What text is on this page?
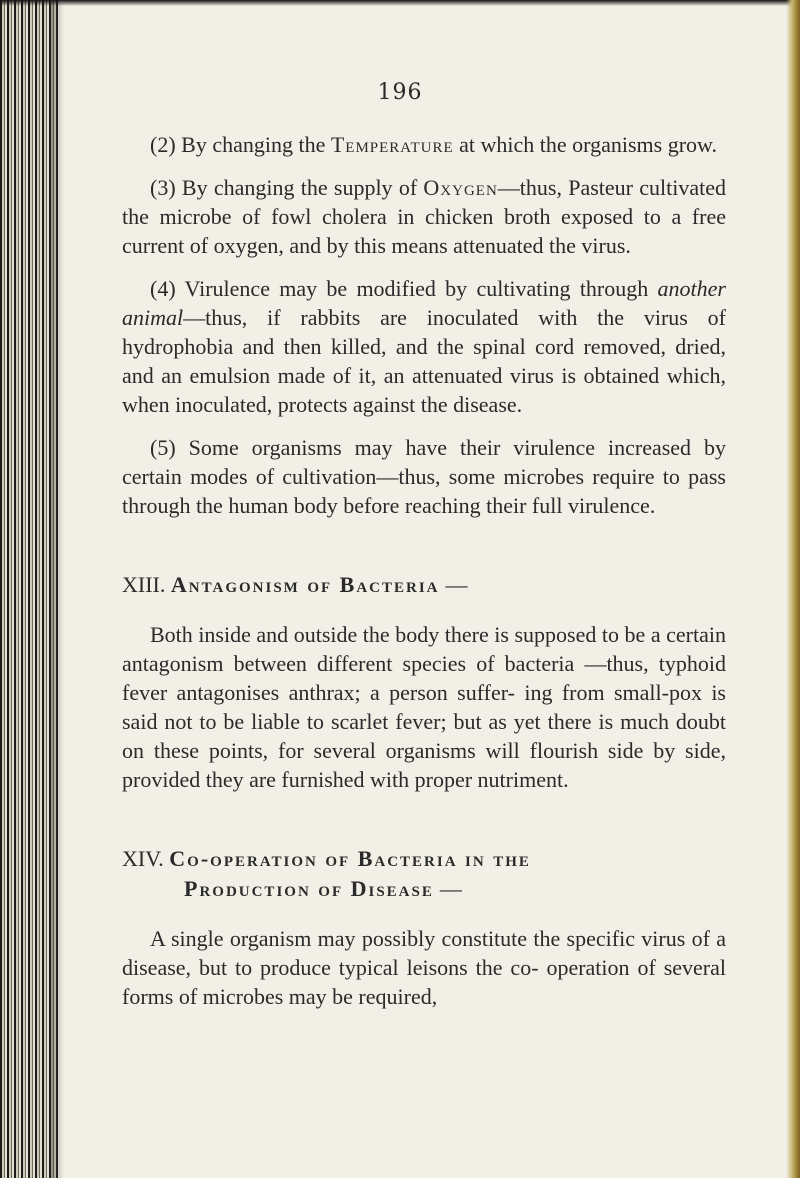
196

(2) By changing the Temperature at which the organisms grow.

(3) By changing the supply of Oxygen—thus, Pasteur cultivated the microbe of fowl cholera in chicken broth exposed to a free current of oxygen, and by this means attenuated the virus.

(4) Virulence may be modified by cultivating through another animal—thus, if rabbits are inoculated with the virus of hydrophobia and then killed, and the spinal cord removed, dried, and an emulsion made of it, an attenuated virus is obtained which, when inoculated, protects against the disease.

(5) Some organisms may have their virulence increased by certain modes of cultivation—thus, some microbes require to pass through the human body before reaching their full virulence.

XIII. Antagonism of Bacteria —

Both inside and outside the body there is supposed to be a certain antagonism between different species of bacteria —thus, typhoid fever antagonises anthrax; a person suffer- ing from small-pox is said not to be liable to scarlet fever; but as yet there is much doubt on these points, for several organisms will flourish side by side, provided they are furnished with proper nutriment.

XIV. Co-operation of Bacteria in the
Production of Disease —

A single organism may possibly constitute the specific virus of a disease, but to produce typical leisons the co- operation of several forms of microbes may be required,
